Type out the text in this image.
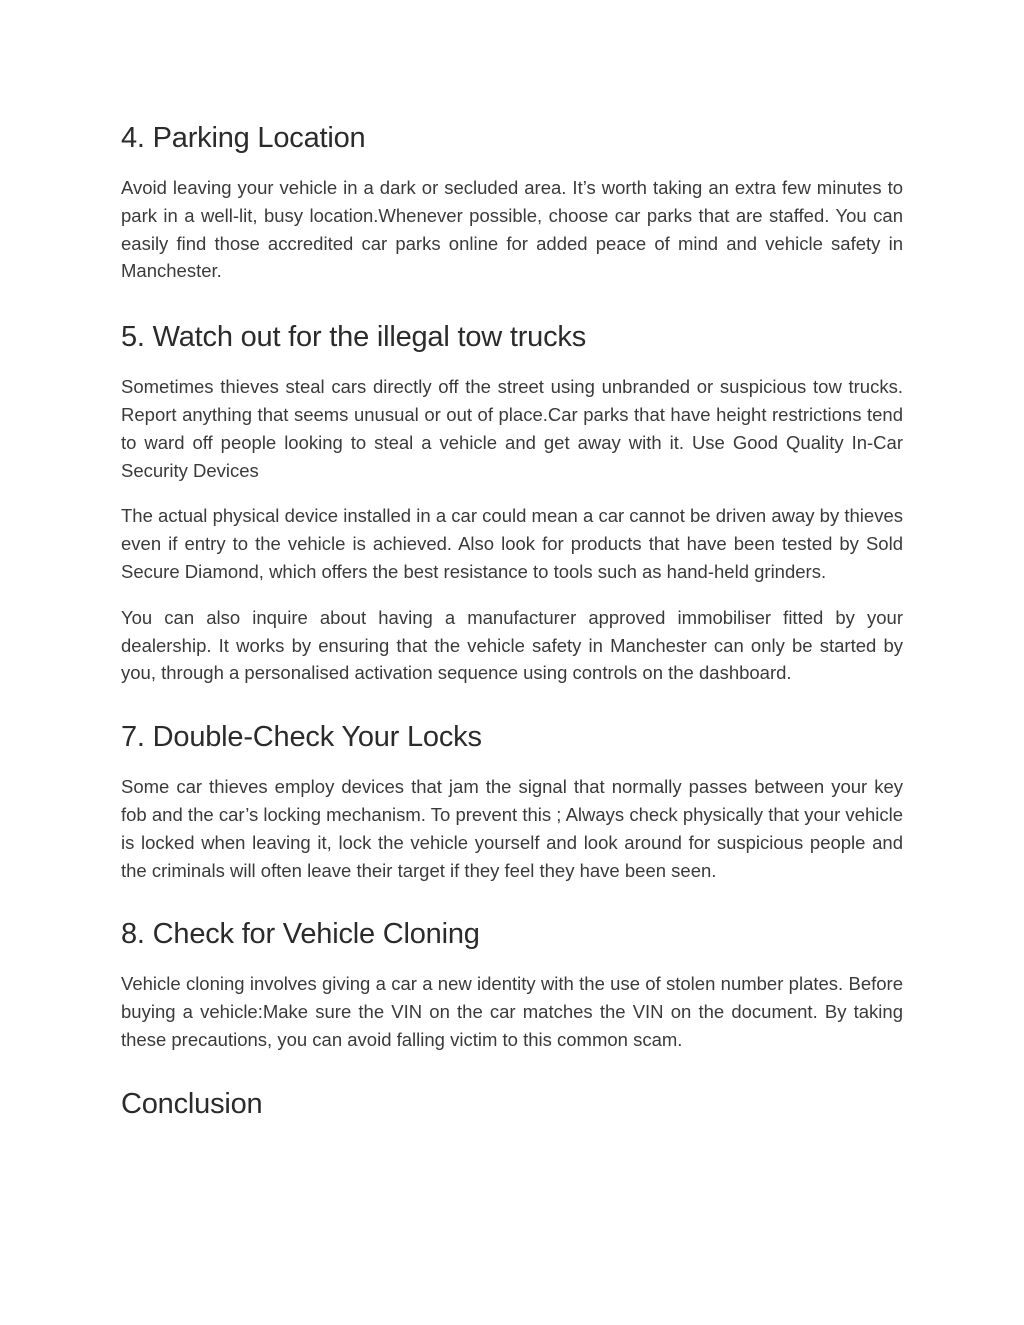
4. Parking Location

Avoid leaving your vehicle in a dark or secluded area. It’s worth taking an extra few minutes to park in a well-lit, busy location.Whenever possible, choose car parks that are staffed. You can easily find those accredited car parks online for added peace of mind and vehicle safety in Manchester.

5. Watch out for the illegal tow trucks

Sometimes thieves steal cars directly off the street using unbranded or suspicious tow trucks. Report anything that seems unusual or out of place.Car parks that have height restrictions tend to ward off people looking to steal a vehicle and get away with it. Use Good Quality In-Car Security Devices

The actual physical device installed in a car could mean a car cannot be driven away by thieves even if entry to the vehicle is achieved. Also look for products that have been tested by Sold Secure Diamond, which offers the best resistance to tools such as hand-held grinders.

You can also inquire about having a manufacturer approved immobiliser fitted by your dealership. It works by ensuring that the vehicle safety in Manchester can only be started by you, through a personalised activation sequence using controls on the dashboard.

7. Double-Check Your Locks

Some car thieves employ devices that jam the signal that normally passes between your key fob and the car’s locking mechanism. To prevent this ; Always check physically that your vehicle is locked when leaving it, lock the vehicle yourself and look around for suspicious people and the criminals will often leave their target if they feel they have been seen.

8. Check for Vehicle Cloning

Vehicle cloning involves giving a car a new identity with the use of stolen number plates. Before buying a vehicle:Make sure the VIN on the car matches the VIN on the document. By taking these precautions, you can avoid falling victim to this common scam.

Conclusion
